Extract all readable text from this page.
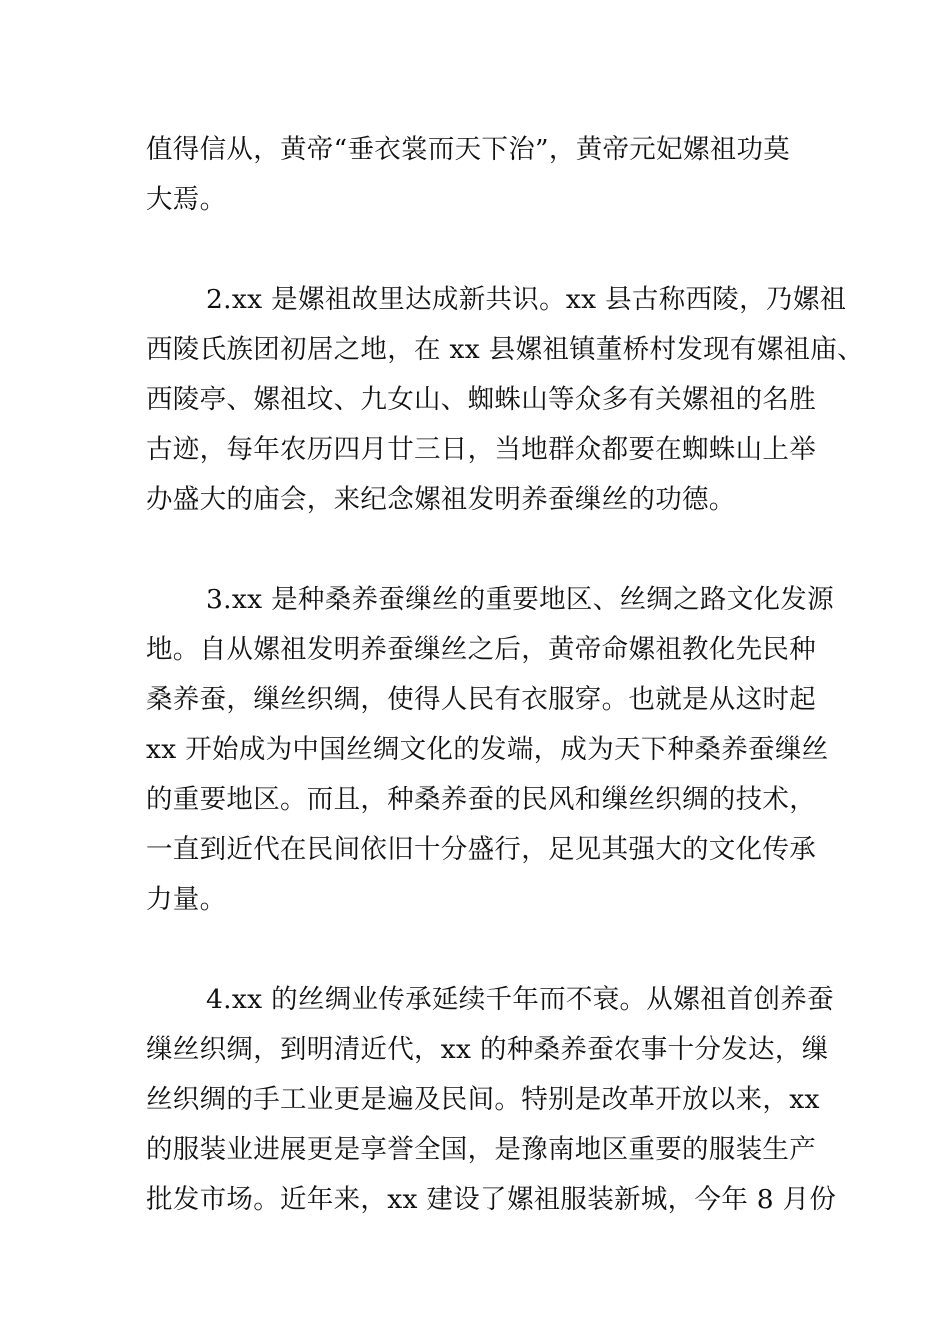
值得信从，黄帝“垂衣裳而天下治”，黄帝元妃嫘祖功莫
大焉。
2.xx 是嫘祖故里达成新共识。xx 县古称西陵，乃嫘祖
西陵氏族团初居之地，在 xx 县嫘祖镇董桥村发现有嫘祖庙、
西陵亭、嫘祖坟、九女山、蜘蛛山等众多有关嫘祖的名胜
古迹，每年农历四月廿三日，当地群众都要在蜘蛛山上举
办盛大的庙会，来纪念嫘祖发明养蚕缫丝的功德。
3.xx 是种桑养蚕缫丝的重要地区、丝绸之路文化发源
地。自从嫘祖发明养蚕缫丝之后，黄帝命嫘祖教化先民种
桑养蚕，缫丝织绸，使得人民有衣服穿。也就是从这时起
xx 开始成为中国丝绸文化的发端，成为天下种桑养蚕缫丝
的重要地区。而且，种桑养蚕的民风和缫丝织绸的技术，
一直到近代在民间依旧十分盛行，足见其强大的文化传承
力量。
4.xx 的丝绸业传承延续千年而不衰。从嫘祖首创养蚕
缫丝织绸，到明清近代，xx 的种桑养蚕农事十分发达，缫
丝织绸的手工业更是遍及民间。特别是改革开放以来，xx
的服装业进展更是享誉全国，是豫南地区重要的服装生产
批发市场。近年来，xx 建设了嫘祖服装新城，今年 8 月份
